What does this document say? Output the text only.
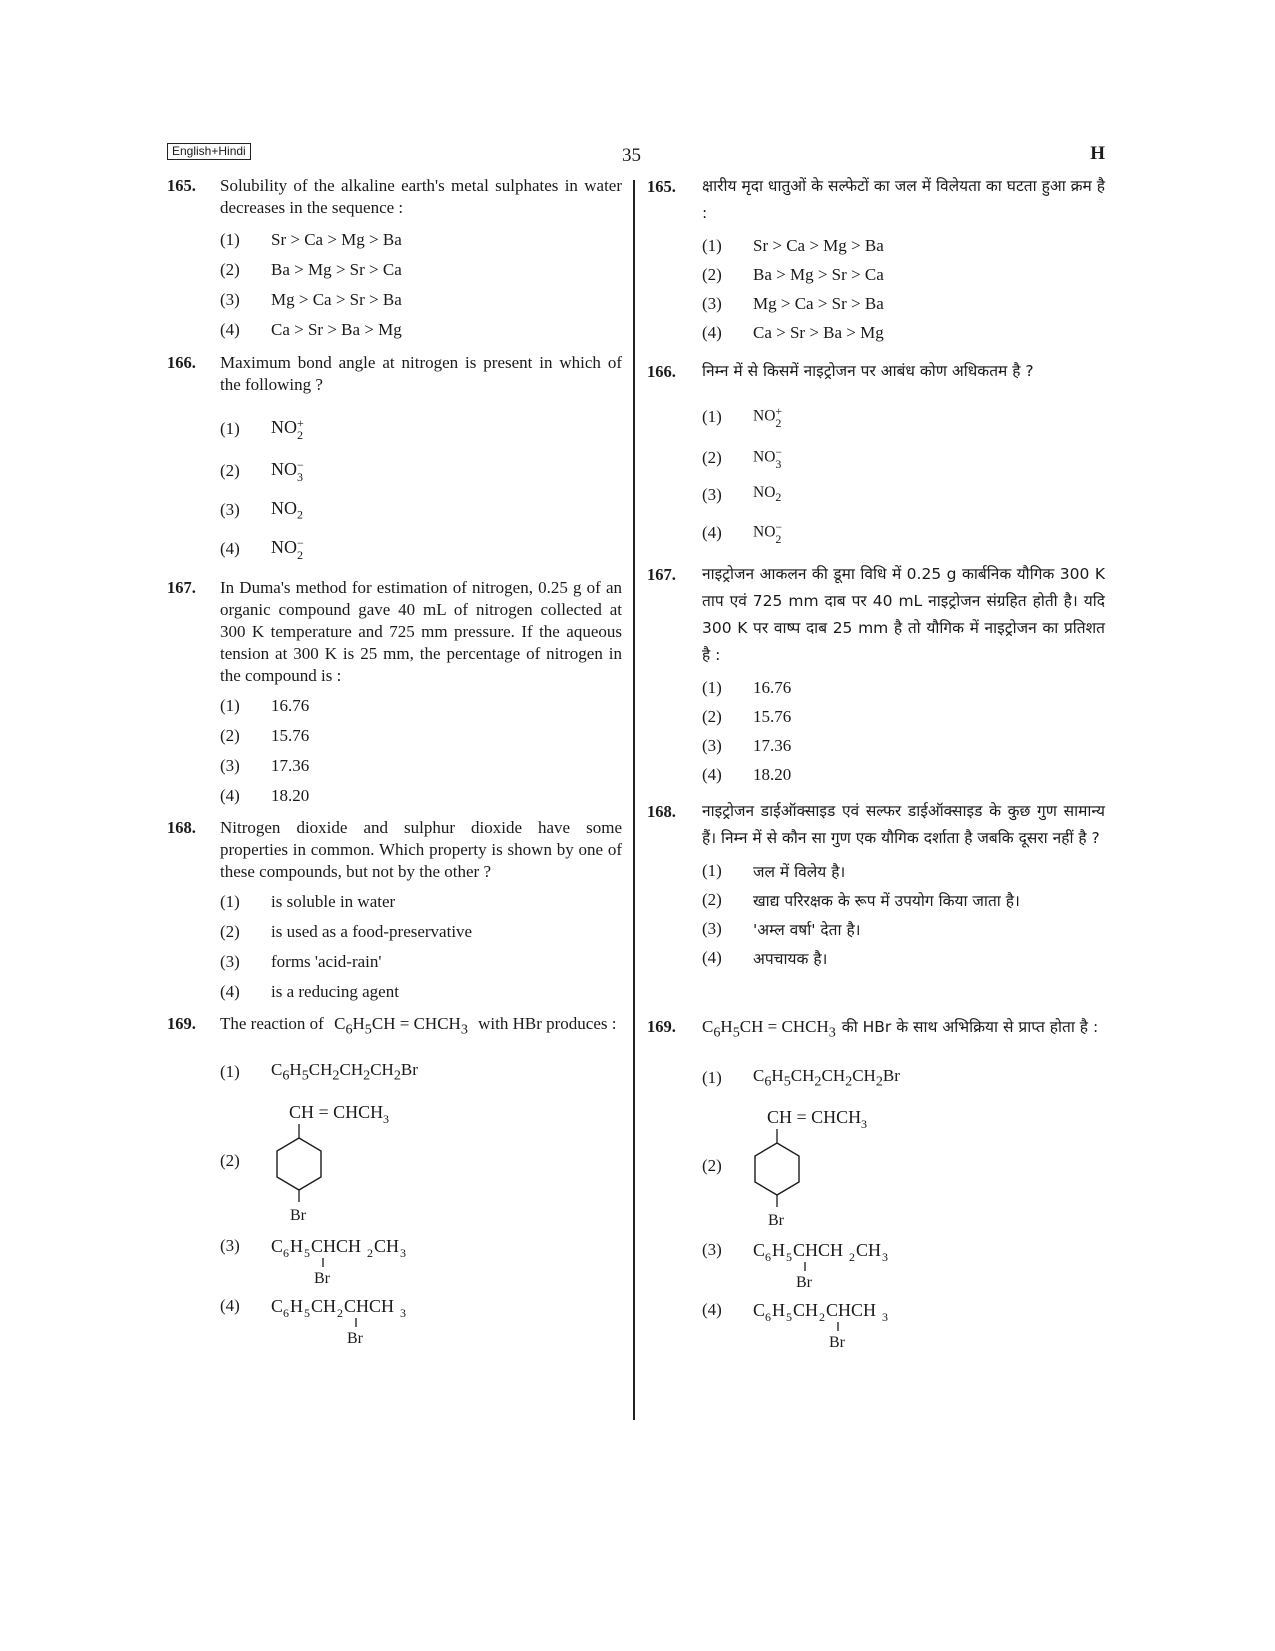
English+Hindi	35	H
165. Solubility of the alkaline earth's metal sulphates in water decreases in the sequence :
(1)	Sr > Ca > Mg > Ba
(2)	Ba > Mg > Sr > Ca
(3)	Mg > Ca > Sr > Ba
(4)	Ca > Sr > Ba > Mg
166. Maximum bond angle at nitrogen is present in which of the following ?
(1)	NO +
2
(2)	NO −
3
(3)	$NO_2$
(4)	NO −
2
167. In Duma's method for estimation of nitrogen, 0.25 g of an organic compound gave 40 mL of nitrogen collected at 300 K temperature and 725 mm pressure. If the aqueous tension at 300 K is 25 mm, the percentage of nitrogen in the compound is :
(1)	16.76
(2)	15.76
(3)	17.36
(4)	18.20
168. Nitrogen dioxide and sulphur dioxide have some properties in common. Which property is shown by one of these compounds, but not by the other ?
(1)	is soluble in water
(2)	is used as a food-preservative
(3)	forms 'acid-rain'
(4)	is a reducing agent
169. The reaction of $C_6H_5CH$ = $CHCH_3$ with HBr produces :
(1)	$C_6H_5CH_2CH_2CH_2Br$
(2)
CH = CHCH 3
Br
(3)	C 6 H 5 CHCH 2 CH 3
Br
(4)	C 6 H 5 CH 2 CHCH 3
Br
165. क्षारीय मृदा धातुओं के सल्फेटों का जल में विलेयता का घटता हुआ क्रम है :
(1)	Sr > Ca > Mg > Ba
(2)	Ba > Mg > Sr > Ca
(3)	Mg > Ca > Sr > Ba
(4)	Ca > Sr > Ba > Mg
166. निम्न में से किसमें नाइट्रोजन पर आबंध कोण अधिकतम है ?
(1)	NO +
2
(2)	NO −
3
(3)	$NO_2$
(4)	NO −
2
167. नाइट्रोजन आकलन की डूमा विधि में 0.25 g कार्बनिक यौगिक 300 K ताप एवं 725 mm दाब पर 40 mL नाइट्रोजन संग्रहित होती है। यदि 300 K पर वाष्प दाब 25 mm है तो यौगिक में नाइट्रोजन का प्रतिशत है :
(1)	16.76
(2)	15.76
(3)	17.36
(4)	18.20
168. नाइट्रोजन डाईऑक्साइड एवं सल्फर डाईऑक्साइड के कुछ गुण सामान्य हैं। निम्न में से कौन सा गुण एक यौगिक दर्शाता है जबकि दूसरा नहीं है ?
(1)	जल में विलेय है।
(2)	खाद्य परिरक्षक के रूप में उपयोग किया जाता है।
(3)	'अम्ल वर्षा' देता है।
(4)	अपचायक है।
169. $C_6H_5CH$ = $CHCH_3$ की HBr के साथ अभिक्रिया से प्राप्त होता है :
(1)	$C_6H_5CH_2CH_2CH_2Br$
(2)
CH = CHCH 3
Br
(3)	C 6 H 5 CHCH 2 CH 3
Br
(4)	C 6 H 5 CH 2 CHCH 3
Br
